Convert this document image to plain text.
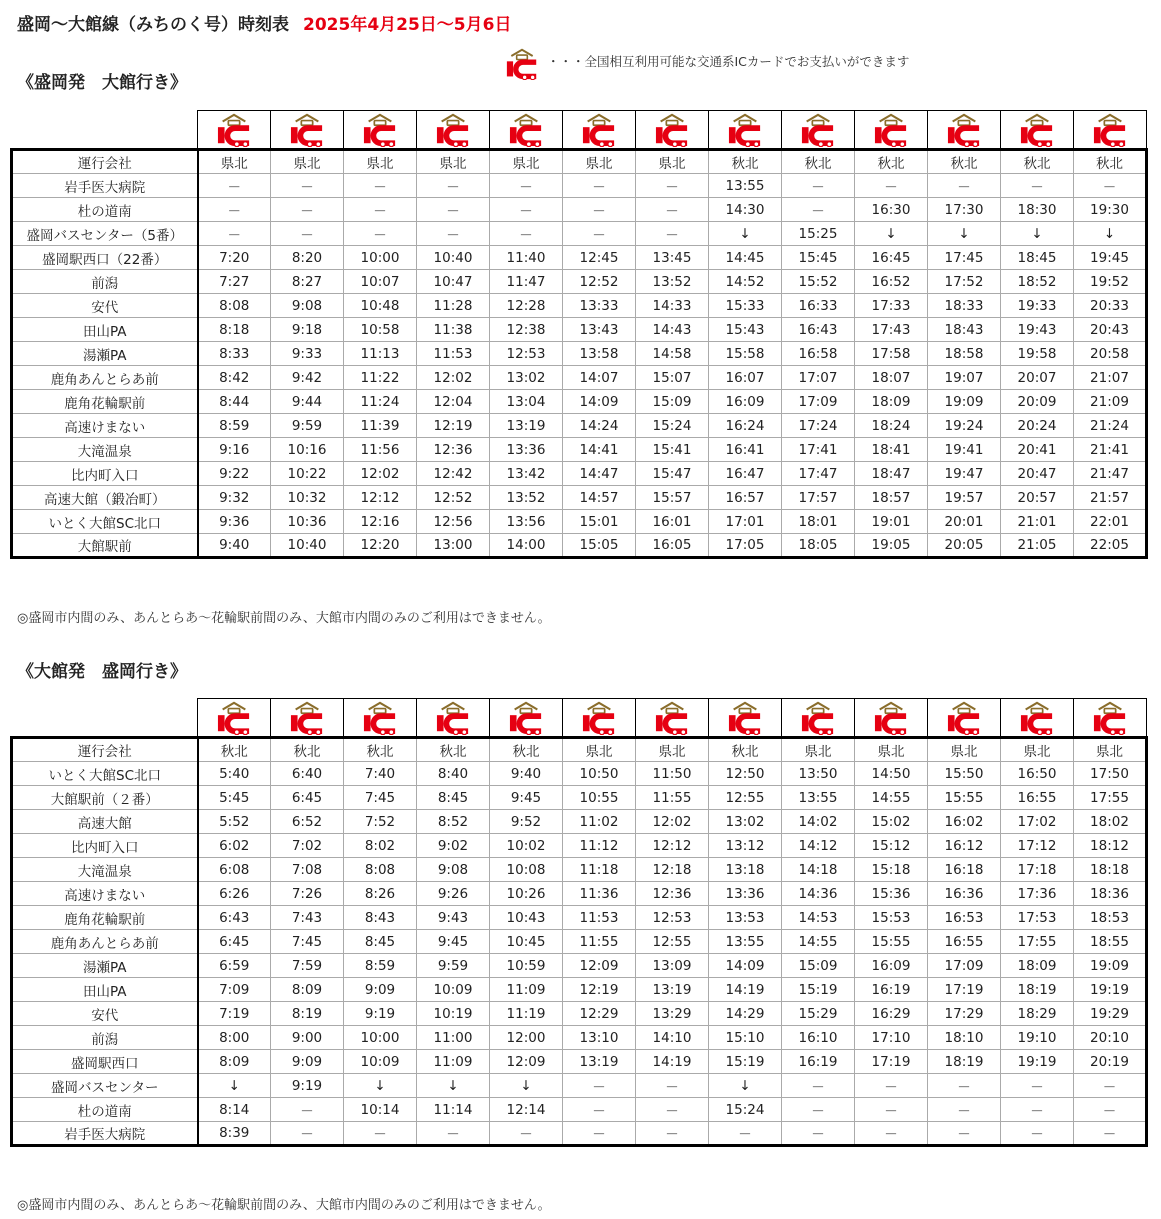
盛岡～大館線（みちのく号）時刻表 2025年4月25日～5月6日
《盛岡発　大館行き》
・・・全国相互利用可能な交通系ICカードでお支払いができます

運行会社	県北	県北	県北	県北	県北	県北	県北	秋北	秋北	秋北	秋北	秋北	秋北
岩手医大病院	－	－	－	－	－	－	－	13:55	－	－	－	－	－
杜の道南	－	－	－	－	－	－	－	14:30	－	16:30	17:30	18:30	19:30
盛岡バスセンター（5番）	－	－	－	－	－	－	－	↓	15:25	↓	↓	↓	↓
盛岡駅西口（22番）	7:20	8:20	10:00	10:40	11:40	12:45	13:45	14:45	15:45	16:45	17:45	18:45	19:45
前潟	7:27	8:27	10:07	10:47	11:47	12:52	13:52	14:52	15:52	16:52	17:52	18:52	19:52
安代	8:08	9:08	10:48	11:28	12:28	13:33	14:33	15:33	16:33	17:33	18:33	19:33	20:33
田山PA	8:18	9:18	10:58	11:38	12:38	13:43	14:43	15:43	16:43	17:43	18:43	19:43	20:43
湯瀬PA	8:33	9:33	11:13	11:53	12:53	13:58	14:58	15:58	16:58	17:58	18:58	19:58	20:58
鹿角あんとらあ前	8:42	9:42	11:22	12:02	13:02	14:07	15:07	16:07	17:07	18:07	19:07	20:07	21:07
鹿角花輪駅前	8:44	9:44	11:24	12:04	13:04	14:09	15:09	16:09	17:09	18:09	19:09	20:09	21:09
高速けまない	8:59	9:59	11:39	12:19	13:19	14:24	15:24	16:24	17:24	18:24	19:24	20:24	21:24
大滝温泉	9:16	10:16	11:56	12:36	13:36	14:41	15:41	16:41	17:41	18:41	19:41	20:41	21:41
比内町入口	9:22	10:22	12:02	12:42	13:42	14:47	15:47	16:47	17:47	18:47	19:47	20:47	21:47
高速大館（鍛冶町）	9:32	10:32	12:12	12:52	13:52	14:57	15:57	16:57	17:57	18:57	19:57	20:57	21:57
いとく大館SC北口	9:36	10:36	12:16	12:56	13:56	15:01	16:01	17:01	18:01	19:01	20:01	21:01	22:01
大館駅前	9:40	10:40	12:20	13:00	14:00	15:05	16:05	17:05	18:05	19:05	20:05	21:05	22:05
◎盛岡市内間のみ、あんとらあ～花輪駅前間のみ、大館市内間のみのご利用はできません。
《大館発　盛岡行き》

運行会社	秋北	秋北	秋北	秋北	秋北	県北	県北	秋北	県北	県北	県北	県北	県北
いとく大館SC北口	5:40	6:40	7:40	8:40	9:40	10:50	11:50	12:50	13:50	14:50	15:50	16:50	17:50
大館駅前（２番）	5:45	6:45	7:45	8:45	9:45	10:55	11:55	12:55	13:55	14:55	15:55	16:55	17:55
高速大館	5:52	6:52	7:52	8:52	9:52	11:02	12:02	13:02	14:02	15:02	16:02	17:02	18:02
比内町入口	6:02	7:02	8:02	9:02	10:02	11:12	12:12	13:12	14:12	15:12	16:12	17:12	18:12
大滝温泉	6:08	7:08	8:08	9:08	10:08	11:18	12:18	13:18	14:18	15:18	16:18	17:18	18:18
高速けまない	6:26	7:26	8:26	9:26	10:26	11:36	12:36	13:36	14:36	15:36	16:36	17:36	18:36
鹿角花輪駅前	6:43	7:43	8:43	9:43	10:43	11:53	12:53	13:53	14:53	15:53	16:53	17:53	18:53
鹿角あんとらあ前	6:45	7:45	8:45	9:45	10:45	11:55	12:55	13:55	14:55	15:55	16:55	17:55	18:55
湯瀬PA	6:59	7:59	8:59	9:59	10:59	12:09	13:09	14:09	15:09	16:09	17:09	18:09	19:09
田山PA	7:09	8:09	9:09	10:09	11:09	12:19	13:19	14:19	15:19	16:19	17:19	18:19	19:19
安代	7:19	8:19	9:19	10:19	11:19	12:29	13:29	14:29	15:29	16:29	17:29	18:29	19:29
前潟	8:00	9:00	10:00	11:00	12:00	13:10	14:10	15:10	16:10	17:10	18:10	19:10	20:10
盛岡駅西口	8:09	9:09	10:09	11:09	12:09	13:19	14:19	15:19	16:19	17:19	18:19	19:19	20:19
盛岡バスセンター	↓	9:19	↓	↓	↓	－	－	↓	－	－	－	－	－
杜の道南	8:14	－	10:14	11:14	12:14	－	－	15:24	－	－	－	－	－
岩手医大病院	8:39	－	－	－	－	－	－	－	－	－	－	－	－
◎盛岡市内間のみ、あんとらあ～花輪駅前間のみ、大館市内間のみのご利用はできません。
